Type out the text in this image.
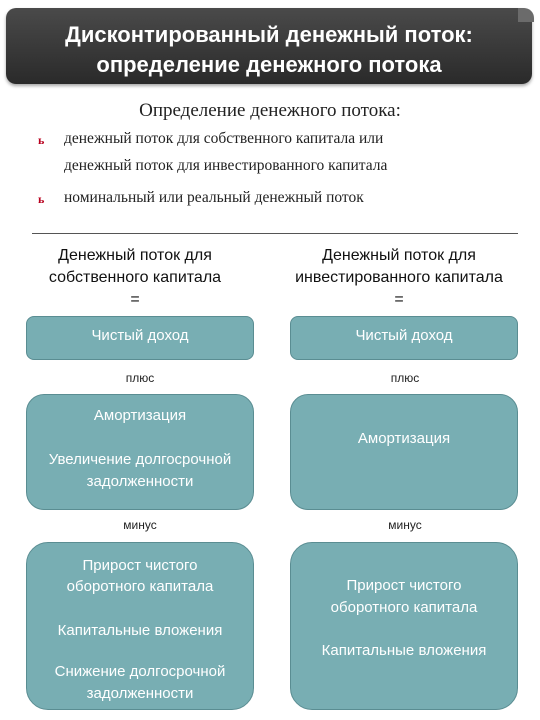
Дисконтированный денежный поток:
определение денежного потока
Определение денежного потока:
ь денежный поток для собственного капитала или
денежный поток для инвестированного капитала
ь номинальный или реальный денежный поток
Денежный поток для
собственного капитала
=
Денежный поток для
инвестированного капитала
=
Чистый доход
плюс
Амортизация
Увеличение долгосрочной
задолженности
минус
Прирост чистого
оборотного капитала
Капитальные вложения
Снижение долгосрочной
задолженности
Чистый доход
плюс
Амортизация
минус
Прирост чистого
оборотного капитала
Капитальные вложения
